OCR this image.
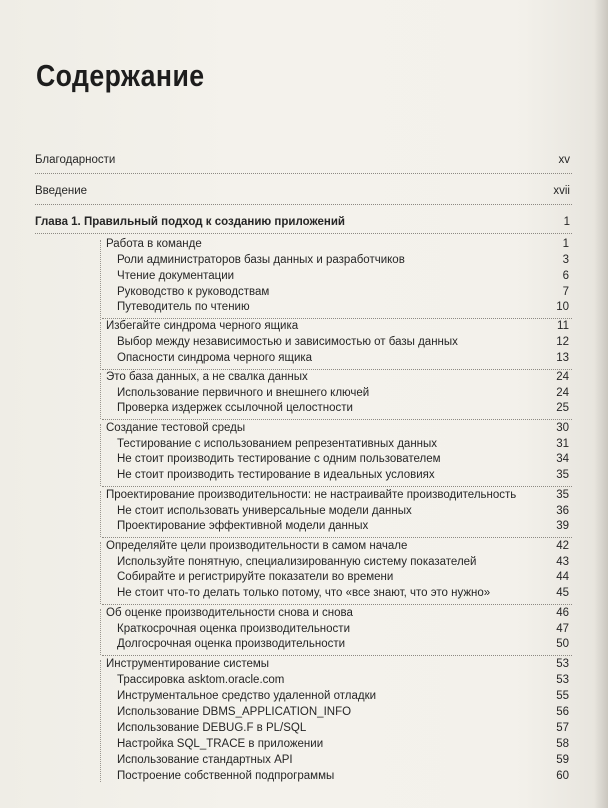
Содержание
Благодарности	xv
Введение	xvii
Глава 1. Правильный подход к созданию приложений	1
Работа в команде	1
Роли администраторов базы данных и разработчиков	3
Чтение документации	6
Руководство к руководствам	7
Путеводитель по чтению	10
Избегайте синдрома черного ящика	11
Выбор между независимостью и зависимостью от базы данных	12
Опасности синдрома черного ящика	13
Это база данных, а не свалка данных	24
Использование первичного и внешнего ключей	24
Проверка издержек ссылочной целостности	25
Создание тестовой среды	30
Тестирование с использованием репрезентативных данных	31
Не стоит производить тестирование с одним пользователем	34
Не стоит производить тестирование в идеальных условиях	35
Проектирование производительности: не настраивайте производительность	35
Не стоит использовать универсальные модели данных	36
Проектирование эффективной модели данных	39
Определяйте цели производительности в самом начале	42
Используйте понятную, специализированную систему показателей	43
Собирайте и регистрируйте показатели во времени	44
Не стоит что-то делать только потому, что «все знают, что это нужно»	45
Об оценке производительности снова и снова	46
Краткосрочная оценка производительности	47
Долгосрочная оценка производительности	50
Инструментирование системы	53
Трассировка asktom.oracle.com	53
Инструментальное средство удаленной отладки	55
Использование DBMS_APPLICATION_INFO	56
Использование DEBUG.F в PL/SQL	57
Настройка SQL_TRACE в приложении	58
Использование стандартных API	59
Построение собственной подпрограммы	60
